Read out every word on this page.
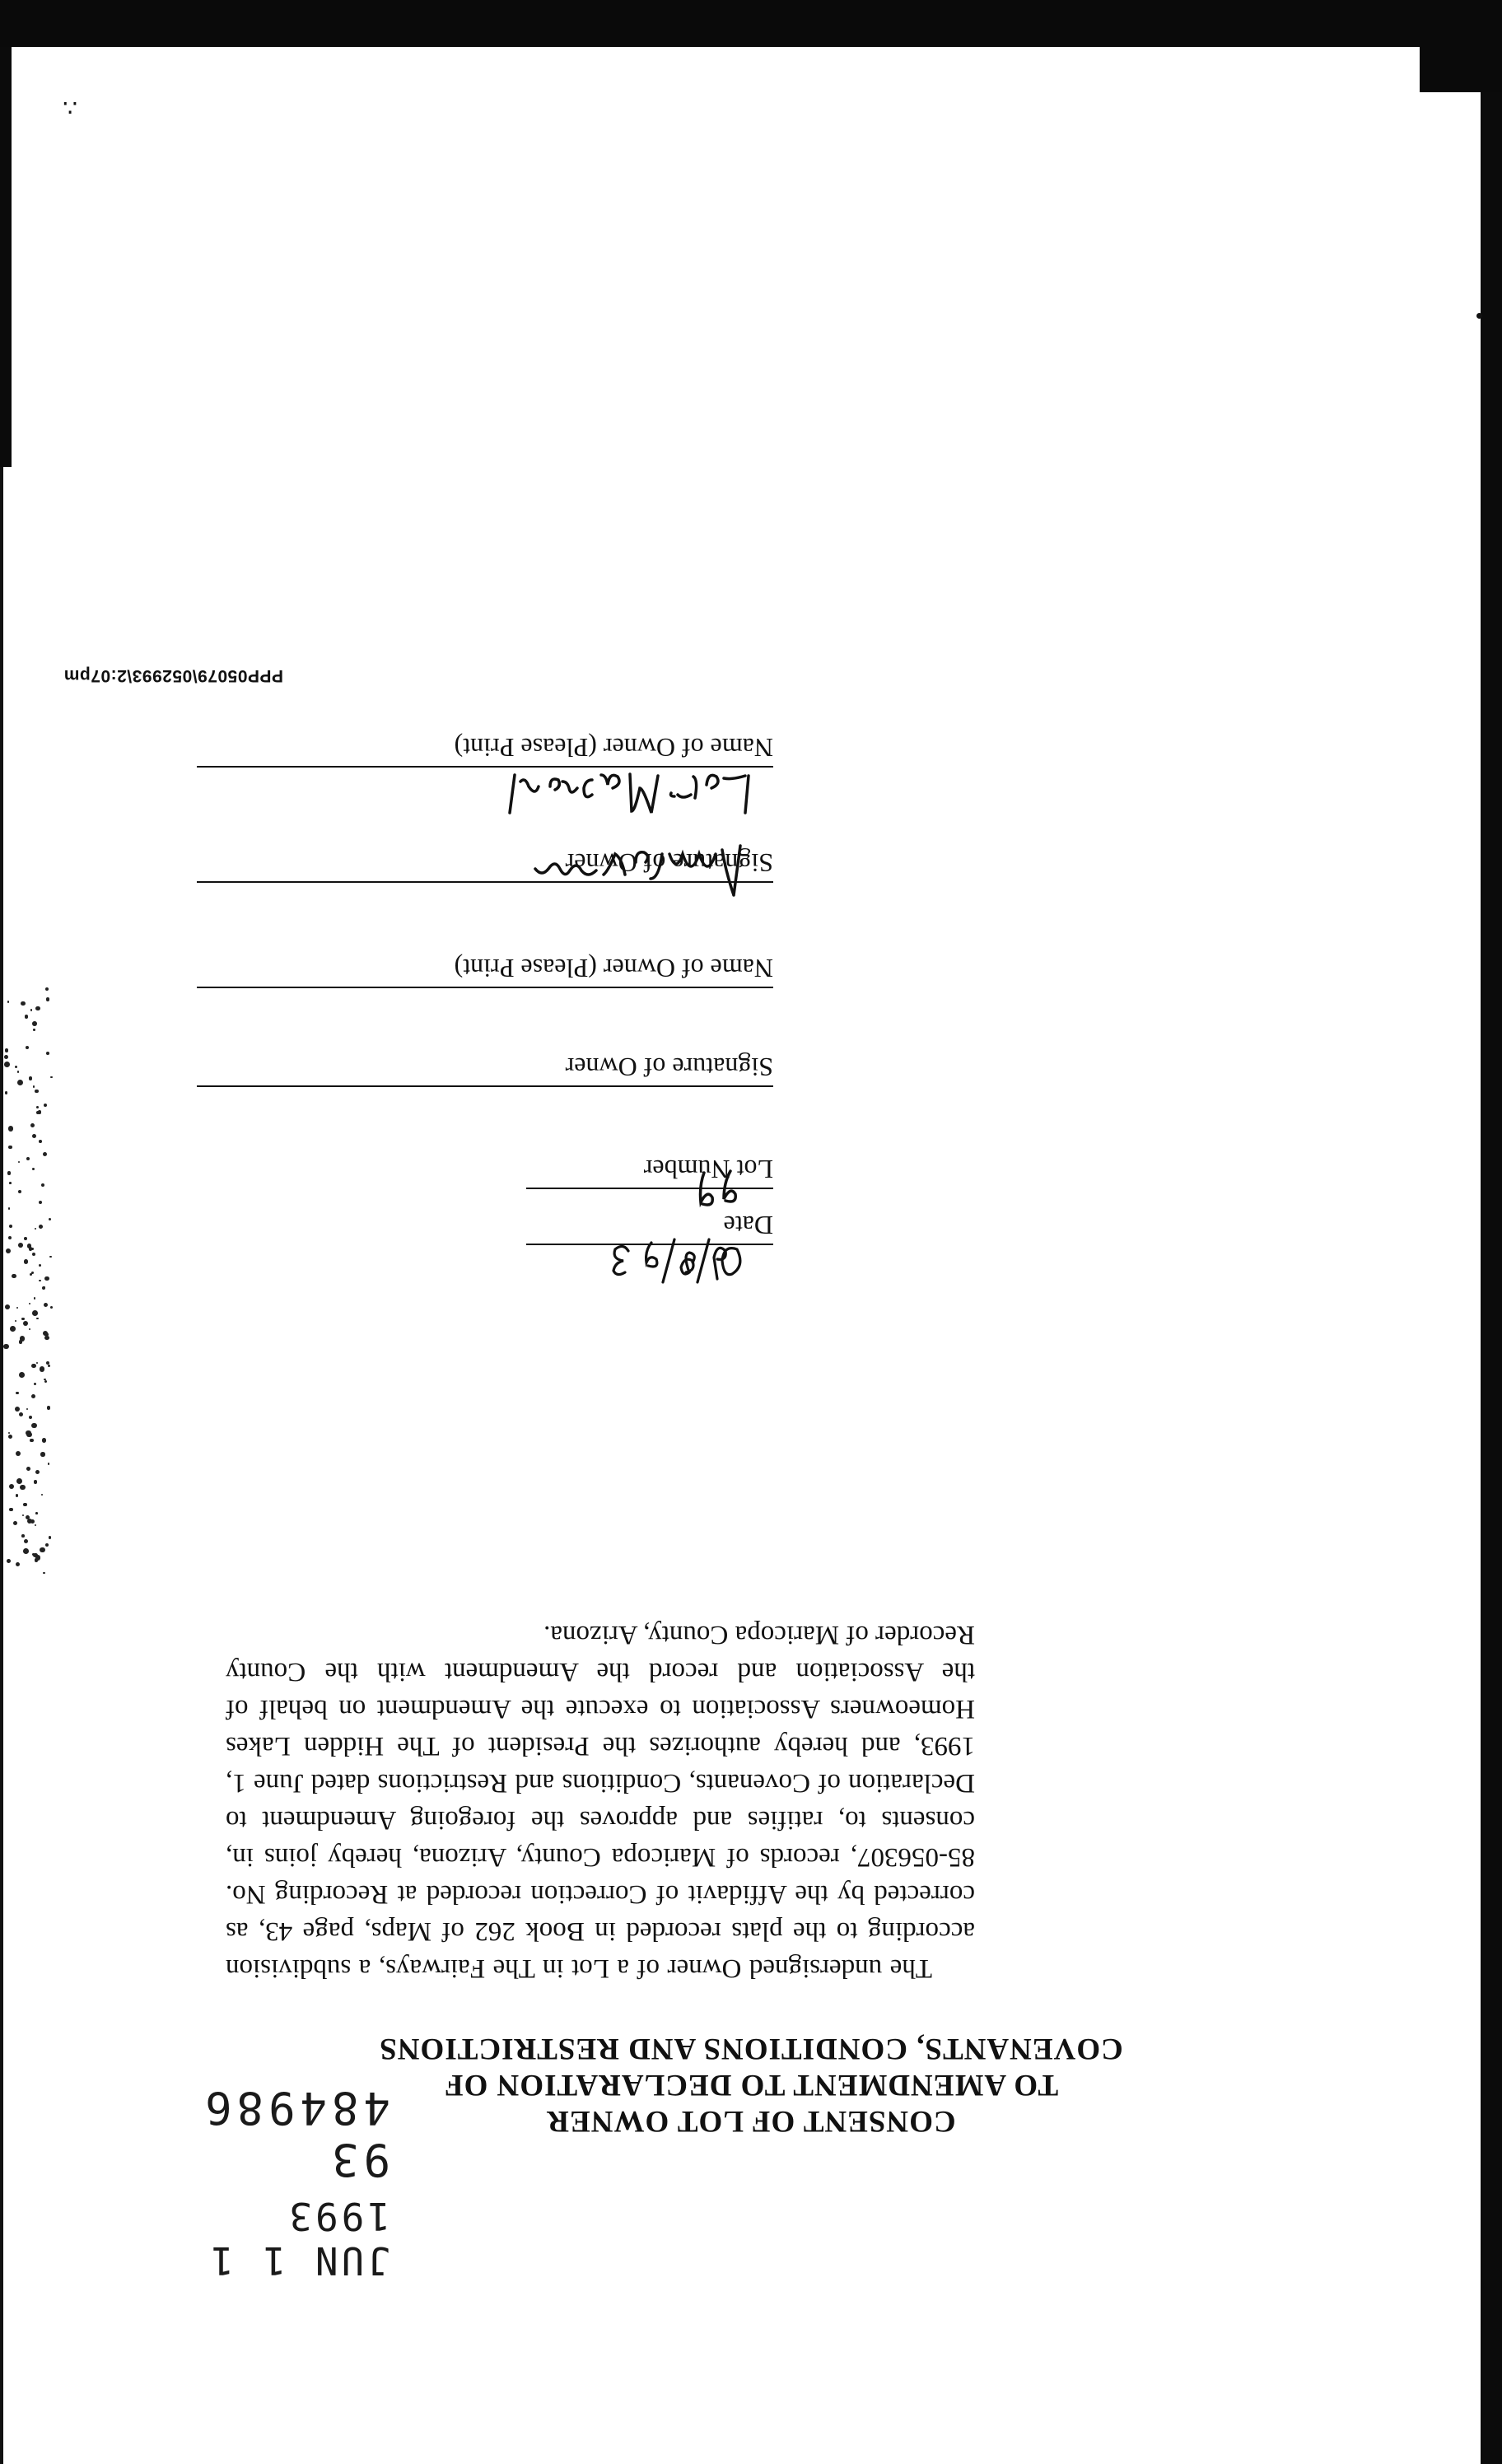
JUN 1 1 1993
93 484986	CONSENT OF LOT OWNER
TO AMENDMENT TO DECLARATION OF
COVENANTS, CONDITIONS AND RESTRICTIONS
The undersigned Owner of a Lot in The Fairways, a subdivision according to the plats recorded in Book 262 of Maps, page 43, as corrected by the Affidavit of Correction recorded at Recording No. 85-056307, records of Maricopa County, Arizona, hereby joins in, consents to, ratifies and approves the foregoing Amendment to Declaration of Covenants, Conditions and Restrictions dated June 1, 1993, and hereby authorizes the President of The Hidden Lakes Homeowners Association to execute the Amendment on behalf of the Association and record the Amendment with the County Recorder of Maricopa County, Arizona.
Name of Owner (Please Print)
Signature of Owner
Name of Owner (Please Print)
Signature of Owner
Lot Number
Date
PPP05079\052993\2:07pm
∴
